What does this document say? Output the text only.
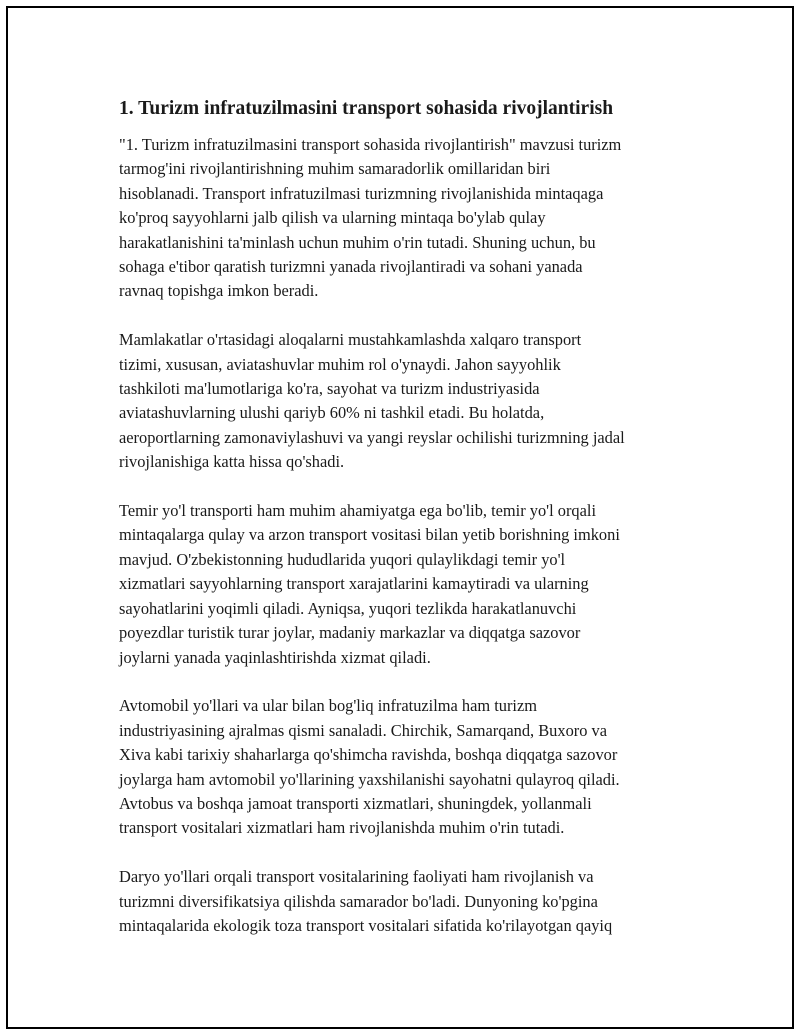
1. Turizm infratuzilmasini transport sohasida rivojlantirish

"1. Turizm infratuzilmasini transport sohasida rivojlantirish" mavzusi turizm
tarmog'ini rivojlantirishning muhim samaradorlik omillaridan biri
hisoblanadi. Transport infratuzilmasi turizmning rivojlanishida mintaqaga
ko'proq sayyohlarni jalb qilish va ularning mintaqa bo'ylab qulay
harakatlanishini ta'minlash uchun muhim o'rin tutadi. Shuning uchun, bu
sohaga e'tibor qaratish turizmni yanada rivojlantiradi va sohani yanada
ravnaq topishga imkon beradi.

Mamlakatlar o'rtasidagi aloqalarni mustahkamlashda xalqaro transport
tizimi, xususan, aviatashuvlar muhim rol o'ynaydi. Jahon sayyohlik
tashkiloti ma'lumotlariga ko'ra, sayohat va turizm industriyasida
aviatashuvlarning ulushi qariyb 60% ni tashkil etadi. Bu holatda,
aeroportlarning zamonaviylashuvi va yangi reyslar ochilishi turizmning jadal
rivojlanishiga katta hissa qo'shadi.

Temir yo'l transporti ham muhim ahamiyatga ega bo'lib, temir yo'l orqali
mintaqalarga qulay va arzon transport vositasi bilan yetib borishning imkoni
mavjud. O'zbekistonning hududlarida yuqori qulaylikdagi temir yo'l
xizmatlari sayyohlarning transport xarajatlarini kamaytiradi va ularning
sayohatlarini yoqimli qiladi. Ayniqsa, yuqori tezlikda harakatlanuvchi
poyezdlar turistik turar joylar, madaniy markazlar va diqqatga sazovor
joylarni yanada yaqinlashtirishda xizmat qiladi.

Avtomobil yo'llari va ular bilan bog'liq infratuzilma ham turizm
industriyasining ajralmas qismi sanaladi. Chirchik, Samarqand, Buxoro va
Xiva kabi tarixiy shaharlarga qo'shimcha ravishda, boshqa diqqatga sazovor
joylarga ham avtomobil yo'llarining yaxshilanishi sayohatni qulayroq qiladi.
Avtobus va boshqa jamoat transporti xizmatlari, shuningdek, yollanmali
transport vositalari xizmatlari ham rivojlanishda muhim o'rin tutadi.

Daryo yo'llari orqali transport vositalarining faoliyati ham rivojlanish va
turizmni diversifikatsiya qilishda samarador bo'ladi. Dunyoning ko'pgina
mintaqalarida ekologik toza transport vositalari sifatida ko'rilayotgan qayiq
